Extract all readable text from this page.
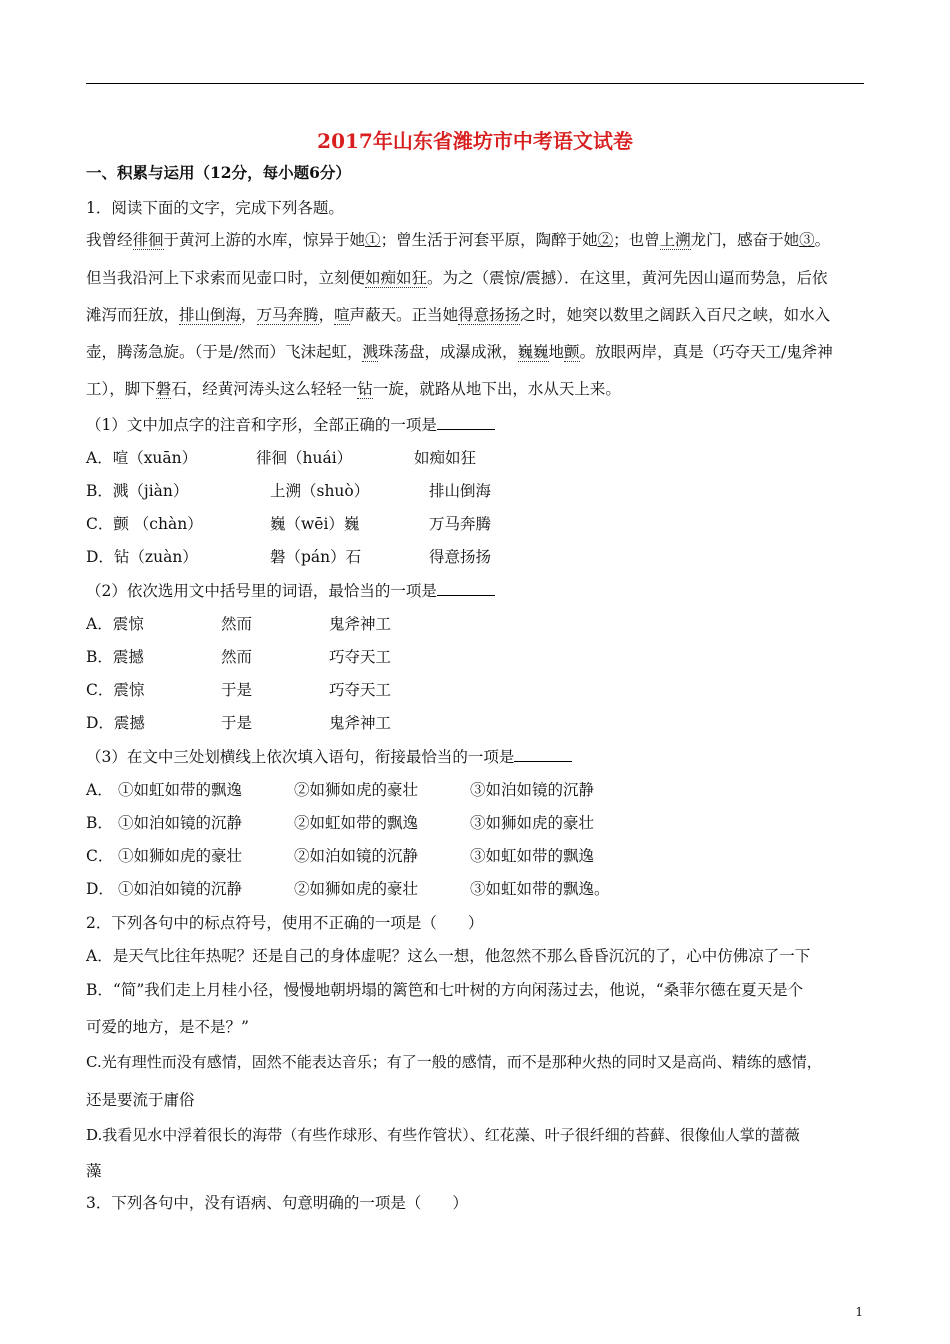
2017年山东省潍坊市中考语文试卷
一、积累与运用（12分，每小题6分）
1．阅读下面的文字，完成下列各题。
我曾经徘徊于黄河上游的水库，惊异于她①；曾生活于河套平原，陶醉于她②；也曾上溯龙门，感奋于她③。
但当我沿河上下求索而见壶口时，立刻便如痴如狂。为之（震惊/震撼）．在这里，黄河先因山逼而势急，后依
滩泻而狂放，排山倒海，万马奔腾，喧声蔽天。正当她得意扬扬之时，她突以数里之阔跃入百尺之峡，如水入
壶，腾荡急旋。（于是/然而）飞沫起虹，溅珠荡盘，成瀑成湫，巍巍地颤。放眼两岸，真是（巧夺天工/鬼斧神
工），脚下磐石，经黄河涛头这么轻轻一钻一旋，就路从地下出，水从天上来。
（1）文中加点字的注音和字形，全部正确的一项是
A．喧（xuān）	徘徊（huái）	如痴如狂
B．溅（jiàn）	上溯（shuò）	排山倒海
C．颤 （chàn）	巍（wēi）巍	万马奔腾
D．钻（zuàn）	磐（pán）石	得意扬扬
（2）依次选用文中括号里的词语，最恰当的一项是
A．震惊	然而	鬼斧神工
B．震撼	然而	巧夺天工
C．震惊	于是	巧夺天工
D．震撼	于是	鬼斧神工
（3）在文中三处划横线上依次填入语句，衔接最恰当的一项是
A． ①如虹如带的飘逸	②如狮如虎的豪壮	③如泊如镜的沉静
B． ①如泊如镜的沉静	②如虹如带的飘逸	③如狮如虎的豪壮
C． ①如狮如虎的豪壮	②如泊如镜的沉静	③如虹如带的飘逸
D． ①如泊如镜的沉静	②如狮如虎的豪壮	③如虹如带的飘逸。
2．下列各句中的标点符号，使用不正确的一项是（　　）
A．是天气比往年热呢？还是自己的身体虚呢？这么一想，他忽然不那么昏昏沉沉的了，心中仿佛凉了一下
B．“简”我们走上月桂小径，慢慢地朝坍塌的篱笆和七叶树的方向闲荡过去，他说，“桑菲尔德在夏天是个
可爱的地方，是不是？”
C.光有理性而没有感情，固然不能表达音乐；有了一般的感情，而不是那种火热的同时又是高尚、精练的感情，
还是要流于庸俗
D.我看见水中浮着很长的海带（有些作球形、有些作管状）、红花藻、叶子很纤细的苔藓、很像仙人掌的蔷薇
藻
3．下列各句中，没有语病、句意明确的一项是（　　）
1
